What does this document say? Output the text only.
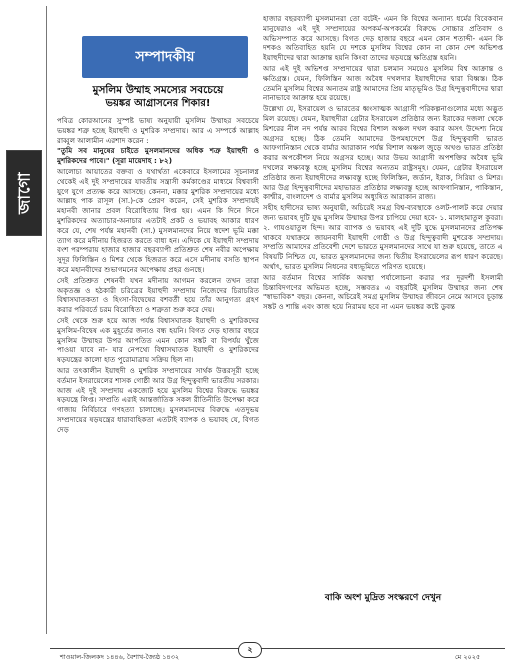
জাগো
সম্পাদকীয়
মুসলিম উম্মাহ সমস্যের সবচেয়ে
ভয়ঙ্কর আগ্রাসনের শিকার!

পবিত্র কোরআনের সুস্পষ্ট ভাষ্য অনুযায়ী মুসলিম উম্মাহর সবচেয়ে ভয়ঙ্কর শত্রু হচ্ছে ইয়াহুদী ও মুশরিক সম্প্রদায়। আর এ সম্পর্কে আল্লাহ রাব্বুল আলামীন এরশাদ করেন :

"তুমি সব মানুষের চাইতে মুসলমানদের অধিক শত্রু ইয়াহুদী ও মুশরিকদের পাবে।" (সূরা মায়েদাহ : ৮২)

আলোচ্য আয়াতের বক্তব্য ও যথার্থতা একেবারে ইসলামের সূচনালগ্ন থেকেই এই দুই সম্প্রদায়ের যাবতীয় সন্ত্রাসী কর্মকাণ্ডের মাধ্যমে বিশ্ববাসী যুগে যুগে প্রত্যক্ষ করে আসছে। কেননা, মক্কার মুশরিক সম্প্রদায়ের মধ্যে আল্লাহ পাক রাসূল (সা.)-কে প্রেরণ করেন, সেই মুশরিক সম্প্রদায়ই মহানবী জানার প্রবল বিরোধিতায় লিপ্ত হয়। এমন কি দিনে দিনে মুশরিকদের অত্যাচার-অনাচার এতটাই প্রকট ও ভয়াবহ আকার ধারণ করে যে, শেষ পর্যন্ত মহানবী (সা.) মুসলমানদের নিয়ে স্বদেশ ভূমি মক্কা ত্যাগ করে মদীনায় হিজরত করতে বাধ্য হন। এদিকে যে ইয়াহুদী সম্প্রদায় বংশ পরম্পরায় হাজার হাজার বছরব্যাপী প্রতিশ্রুত শেষ নবীর অপেক্ষায় সুদূর ফিলিস্তিন ও মিশর থেকে হিজরত করে এসে মদীনায় বসতি স্থাপন করে মহানবীদের শুভাগমনের অপেক্ষায় প্রহর গুনছে।

সেই প্রতিশ্রুত শেষনবী যখন মদীনায় আগমন করলেন তখন তারা অকৃতজ্ঞ ও হঠকারী চরিত্রের ইয়াহুদী সম্প্রদায় নিজেদের চিরাচরিত বিশ্বাসঘাতকতা ও হিংসা-বিদ্বেষের বশবর্তী হয়ে তাঁর আনুগত্য গ্রহণ করার পরিবর্তে চরম বিরোধিতা ও শত্রুতা শুরু করে দেয়।

সেই থেকে শুরু হয়ে আজ পর্যন্ত বিশ্বাসঘাতক ইয়াহুদী ও মুশরিকদের মুসলিম-বিদ্বেষ এক মুহূর্তের জন্যও বন্ধ হয়নি। বিগত দেড় হাজার বছরে মুসলিম উম্মাহর উপর আপতিত এমন কোন সঙ্কট বা বিপর্যয় খুঁজে পাওয়া যাবে না- যার নেপথ্যে বিশ্বাসঘাতক ইয়াহুদী ও মুশরিকদের ষড়যন্ত্রের কালো হাত পুরোমাত্রায় সক্রিয় ছিল না।

আর তৎকালীন ইয়াহুদী ও মুশরিক সম্প্রদায়ের সার্থক উত্তরসূরী হচ্ছে বর্তমান ইসরায়েলের শাসক গোষ্ঠী আর উগ্র হিন্দুত্ববাদী ভারতীয় সরকার। আজ এই দুই সম্প্রদায় একজোট হয়ে মুসলিম বিশ্বের বিরুদ্ধে ভয়ঙ্কর ষড়যন্ত্রে লিপ্ত। সম্প্রতি এরাই আন্তর্জাতিক সকল রীতিনীতি উপেক্ষা করে গাজায় নির্বিচারে গণহত্যা চালাচ্ছে। মুসলমানদের বিরুদ্ধে এতদুভয় সম্প্রদায়ের ষড়যন্ত্রের ধারাবাহিকতা এতটাই ব্যাপক ও ভয়াবহ যে, বিগত দেড়

হাজার বছরব্যাপী মুসলমানরা তো বটেই- এমন কি বিশ্বের অন্যান্য ধর্মের বিবেকবান মানুষেরাও এই দুই সম্প্রদায়ের অপকর্ম-অপকর্মের বিরুদ্ধে সোচ্চার প্রতিবাদ ও অভিসম্পাত করে আসছে। বিগত দেড় হাজার বছরে এমন কোন শতাব্দী- এমন কি দশকও অতিবাহিত হয়নি যে দশকে মুসলিম বিশ্বের কোন না কোন দেশ অভিশপ্ত ইয়াহুদীদের দ্বারা আক্রান্ত হয়নি কিংবা তাদের ষড়যন্ত্রে ক্ষতিগ্রস্ত হয়নি।

আর এই দুই অভিশপ্ত সম্প্রদায়ের দ্বারা চলমান সময়েও মুসলিম বিশ্ব আক্রান্ত ও ক্ষতিগ্রস্ত। যেমন, ফিলিস্তিন আজ অবৈধ দখলদার ইয়াহুদীদের দ্বারা বিধ্বস্ত। ঠিক তেমনি মুসলিম বিশ্বের অন্যতম রাষ্ট্র আমাদের প্রিয় মাতৃভূমিও উগ্র হিন্দুত্ববাদীদের দ্বারা নানাভাবে আক্রান্ত হয়ে রয়েছে।

উল্লেখ্য যে, ইসরায়েল ও ভারতের ধ্বংসাত্মক আগ্রাসী পরিকল্পনাগুলোর মধ্যে অদ্ভুত মিল রয়েছে। যেমন, ইয়াহুদীরা গ্রেটার ইসরায়েল প্রতিষ্ঠার জন্য ইরাকের দজলা থেকে মিশরের নীল নদ পর্যন্ত আরব বিশ্বের বিশাল অঞ্চল দখল করার অসৎ উদ্দেশ্য নিয়ে অগ্রসর হচ্ছে। ঠিক তেমনি আমাদের উপমহাদেশে উগ্র হিন্দুত্ববাদী ভারত আফগানিস্তান থেকে বার্মার আরাকান পর্যন্ত বিশাল অঞ্চল জুড়ে অখণ্ড ভারত প্রতিষ্ঠা করার অপকৌশল নিয়ে অগ্রসর হচ্ছে। আর উভয় আগ্রাসী অপশক্তির অবৈধ ভূমি দখলের লক্ষ্যবস্তু হচ্ছে মুসলিম বিশ্বের অন্যতম রাষ্ট্রসমূহ। যেমন, গ্রেটার ইসরায়েল প্রতিষ্ঠার জন্য ইয়াহুদীদের লক্ষ্যবস্তু হচ্ছে ফিলিস্তিন, জর্ডান, ইরাক, সিরিয়া ও মিশর। আর উগ্র হিন্দুত্ববাদীদের মহাভারত প্রতিষ্ঠার লক্ষ্যবস্তু হচ্ছে আফগানিস্তান, পাকিস্তান, কাশ্মীর, বাংলাদেশ ও বার্মার মুসলিম অধ্যুষিত আরাকান রাজ্য।

সহীহ হাদীসের ভাষ্য অনুযায়ী, অচিরেই সমগ্র বিশ্ব-ব্যবস্থাকে ওলট-পালট করে দেয়ার জন্য ভয়াবহ দুটি যুদ্ধ মুসলিম উম্মাহর উপর চাপিয়ে দেয়া হবে- ১. মালহামাতুল কুবরা। ২. গাযওয়াতুল হিন্দ। আর ব্যাপক ও ভয়াবহ এই দুটি যুদ্ধে মুসলমানদের প্রতিপক্ষ থাকবে যথাক্রমে জায়নবাদী ইয়াহুদী গোষ্ঠী ও উগ্র হিন্দুত্ববাদী মুশরেক সম্প্রদায়। সম্প্রতি আমাদের প্রতিবেশী দেশে ভারতে মুসলমানদের সাথে যা শুরু হয়েছে, তাতে এ বিষয়টি নিশ্চিত যে, ভারত মুসলমানদের জন্য দ্বিতীয় ইসরায়েলের রূপ ধারণ করেছে। অর্থাৎ, ভারত মুসলিম নিধনের বধ্যভূমিতে পরিণত হয়েছে।

আর বর্তমান বিশ্বের সার্বিক অবস্থা পর্যালোচনা করার পর দূরদর্শী ইসলামী চিন্তাবিদগণের অভিমত হচ্ছে, সম্ভবতঃ এ বছরটিই মুসলিম উম্মাহর জন্য শেষ "স্বাভাবিক" বছর। কেননা, অচিরেই সমগ্র মুসলিম উম্মাহর জীবনে নেমে আসবে চূড়ান্ত সঙ্কট ও শান্তি এবং কাজ হয়ে নিরাময় হবে না এমন ভয়ঙ্কর কষ্টে ডুবন্ত

বাকি অংশ মুদ্রিত সংস্করণে দেখুন
শাওয়াল-জিলকদ ১৪৪৬, বৈশাখ-জ্যৈষ্ঠ ১৪৩২
২
মে ২০২৫
